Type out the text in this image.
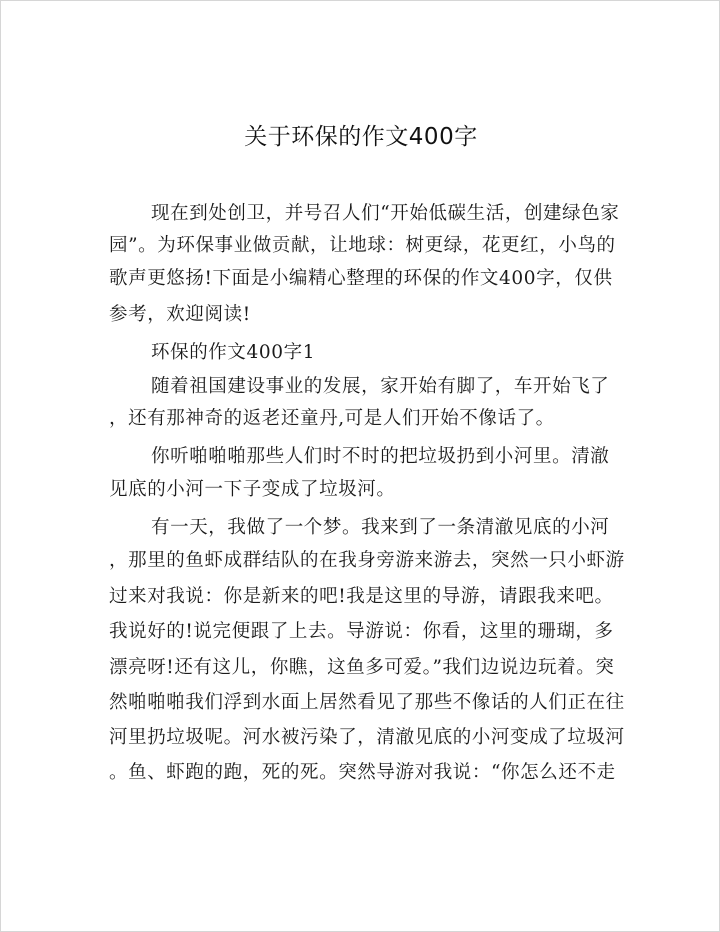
关于环保的作文400字
现在到处创卫，并号召人们“开始低碳生活，创建绿色家
园”。为环保事业做贡献，让地球：树更绿，花更红，小鸟的
歌声更悠扬!下面是小编精心整理的环保的作文400字，仅供
参考，欢迎阅读!
环保的作文400字1
随着祖国建设事业的发展，家开始有脚了，车开始飞了
，还有那神奇的返老还童丹,可是人们开始不像话了。
你听啪啪啪那些人们时不时的把垃圾扔到小河里。清澈
见底的小河一下子变成了垃圾河。
有一天，我做了一个梦。我来到了一条清澈见底的小河
，那里的鱼虾成群结队的在我身旁游来游去，突然一只小虾游
过来对我说：你是新来的吧!我是这里的导游，请跟我来吧。
我说好的!说完便跟了上去。导游说：你看，这里的珊瑚，多
漂亮呀!还有这儿，你瞧，这鱼多可爱。”我们边说边玩着。突
然啪啪啪我们浮到水面上居然看见了那些不像话的人们正在往
河里扔垃圾呢。河水被污染了，清澈见底的小河变成了垃圾河
。鱼、虾跑的跑，死的死。突然导游对我说：“你怎么还不走
